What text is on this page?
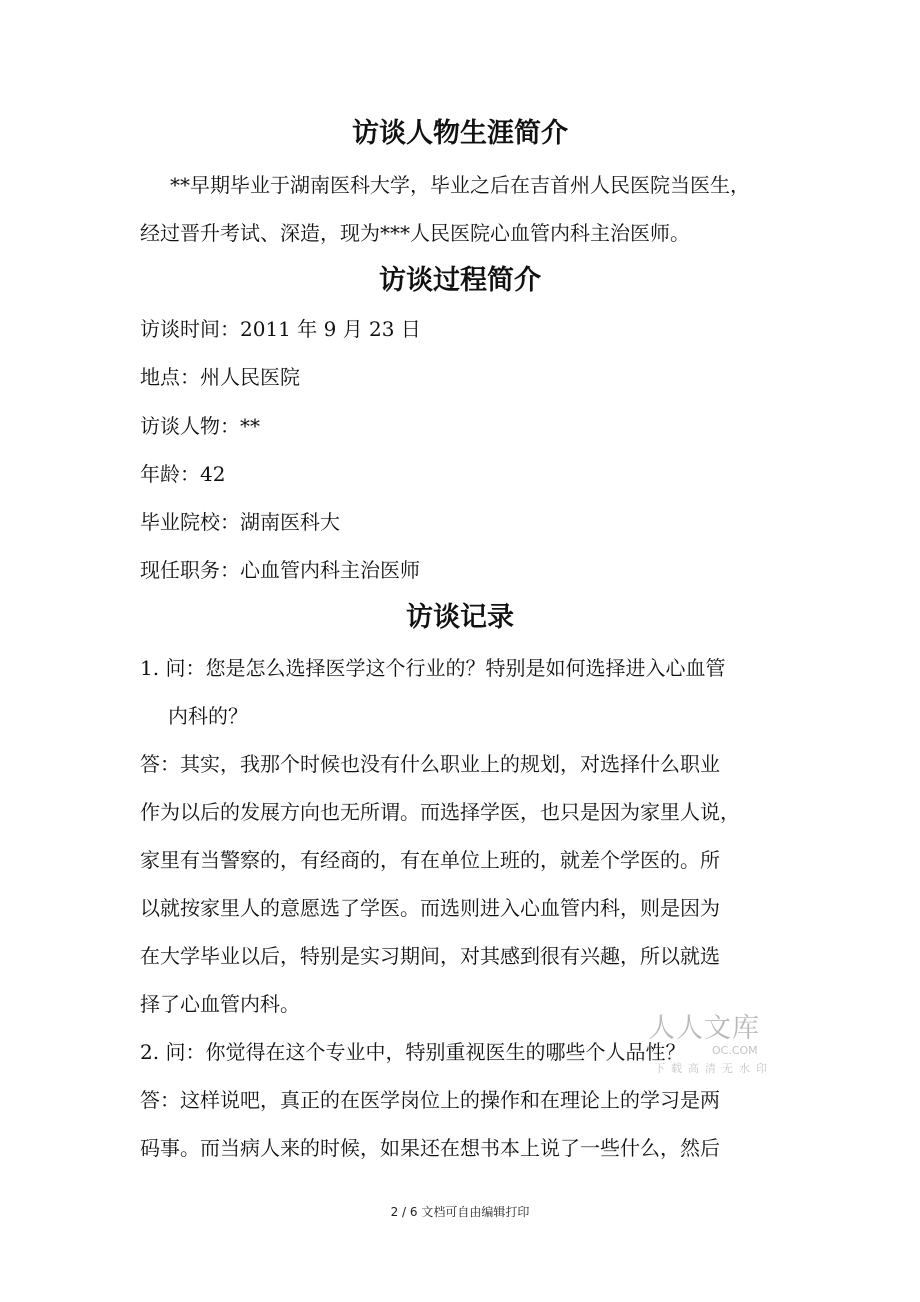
访谈人物生涯简介

**早期毕业于湖南医科大学，毕业之后在吉首州人民医院当医生，

经过晋升考试、深造，现为***人民医院心血管内科主治医师。

访谈过程简介

访谈时间：2011 年 9 月 23 日

地点：州人民医院

访谈人物：**

年龄：42

毕业院校：湖南医科大

现任职务：心血管内科主治医师

访谈记录

1. 问：您是怎么选择医学这个行业的？特别是如何选择进入心血管

内科的？

答：其实，我那个时候也没有什么职业上的规划，对选择什么职业

作为以后的发展方向也无所谓。而选择学医，也只是因为家里人说，

家里有当警察的，有经商的，有在单位上班的，就差个学医的。所

以就按家里人的意愿选了学医。而选则进入心血管内科，则是因为

在大学毕业以后，特别是实习期间，对其感到很有兴趣，所以就选

择了心血管内科。

2. 问：你觉得在这个专业中，特别重视医生的哪些个人品性？

答：这样说吧，真正的在医学岗位上的操作和在理论上的学习是两

码事。而当病人来的时候，如果还在想书本上说了一些什么，然后

人人文库
OC.COM
下载高清无水印
2 / 6 文档可自由编辑打印
